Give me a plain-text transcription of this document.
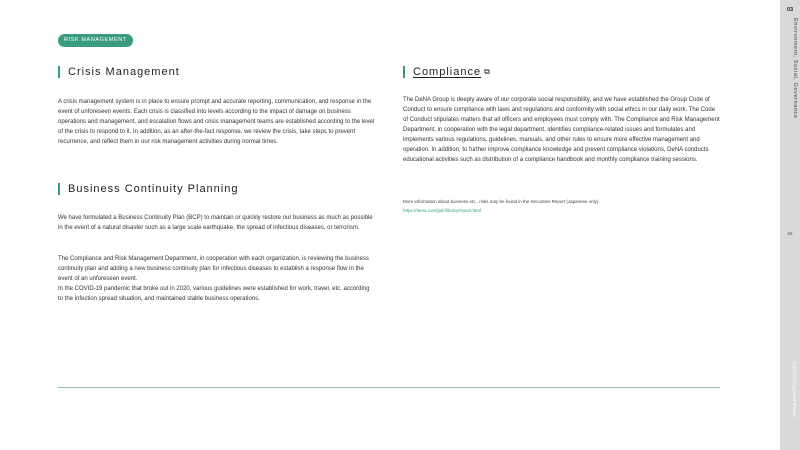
RISK MANAGEMENT
Crisis Management

A crisis management system is in place to ensure prompt and accurate reporting, communication, and response in the event of unforeseen events. Each crisis is classified into levels according to the impact of damage on business operations and management, and escalation flows and crisis management teams are established according to the level of the crisis to respond to it. In addition, as an after-the-fact response, we review the crisis, take steps to prevent recurrence, and reflect them in our risk management activities during normal times.

Business Continuity Planning

We have formulated a Business Continuity Plan (BCP) to maintain or quickly restore our business as much as possible in the event of a natural disaster such as a large scale earthquake, the spread of infectious diseases, or terrorism.

The Compliance and Risk Management Department, in cooperation with each organization, is reviewing the business continuity plan and adding a new business continuity plan for infectious diseases to establish a response flow in the event of an unforeseen event.

In the COVID-19 pandemic that broke out in 2020, various guidelines were established for work, travel, etc. according to the infection spread situation, and maintained stable business operations.

Compliance ⧉

The DeNA Group is deeply aware of our corporate social responsibility, and we have established the Group Code of Conduct to ensure compliance with laws and regulations and conformity with social ethics in our daily work. The Code of Conduct stipulates matters that all officers and employees must comply with. The Compliance and Risk Management Department, in cooperation with the legal department, identifies compliance-related issues and formulates and implements various regulations, guidelines, manuals, and other rules to ensure more effective management and operation. In addition, to further improve compliance knowledge and prevent compliance violations, DeNA conducts educational activities such as distribution of a compliance handbook and monthly compliance training sessions.

More information about business etc., risks may be found in the Securities Report (Japanese only).

https://dena.com/jp/ir/library/report.html

03
Environment, Social, Governance
62
DeNA Integrated Report
